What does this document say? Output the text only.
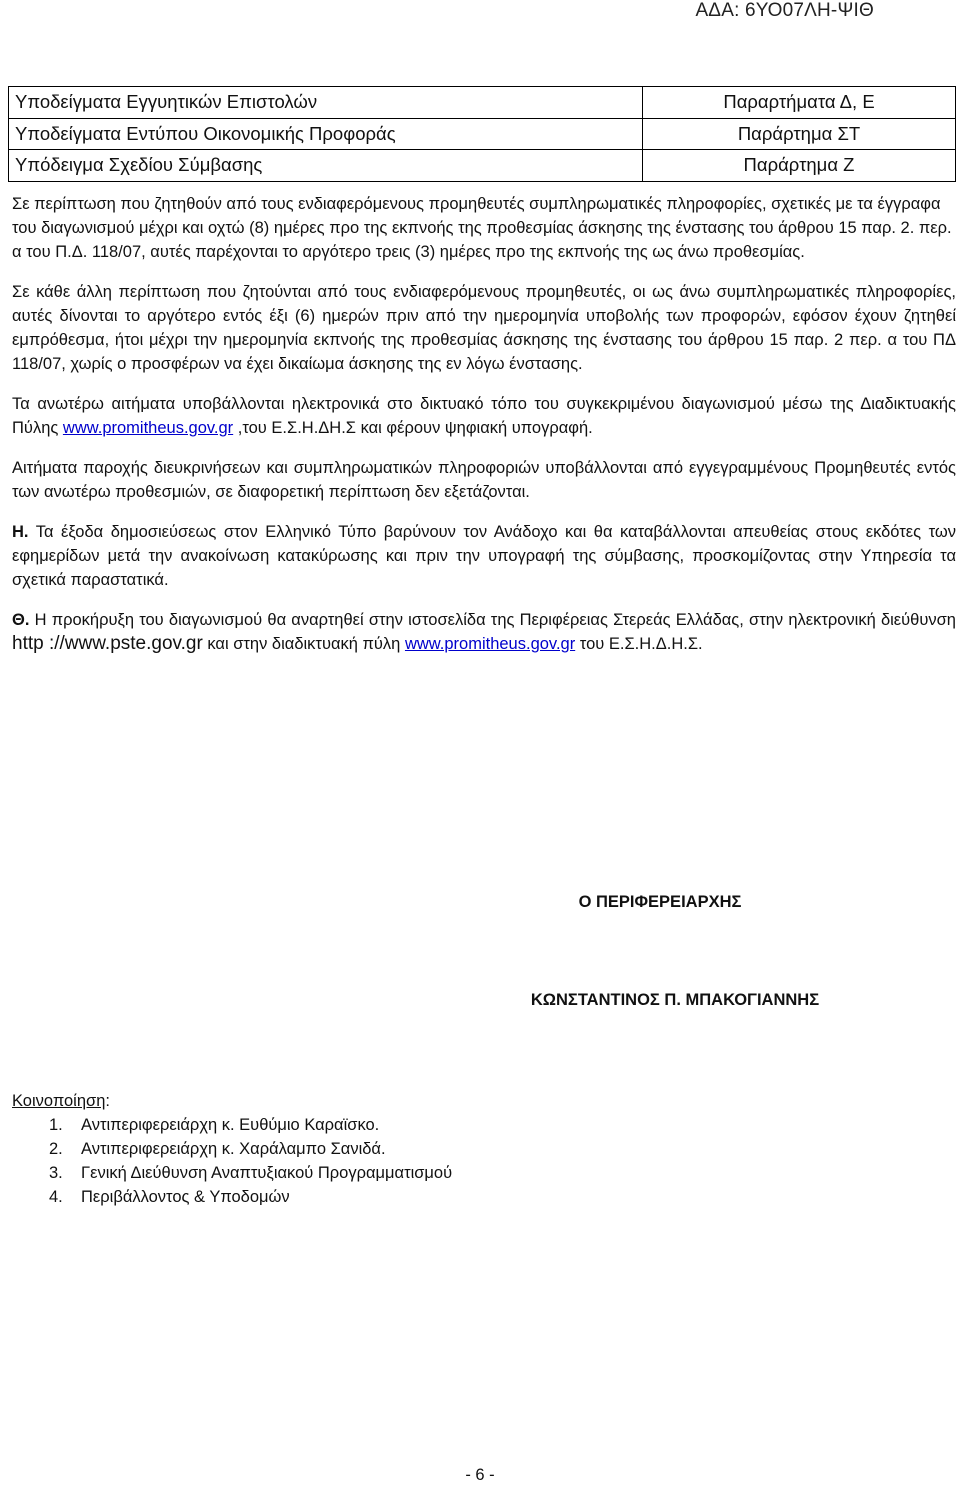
ΑΔΑ: 6ΥΟ07ΛΗ-ΨΙΘ
Υποδείγματα Εγγυητικών Επιστολών	Παραρτήματα Δ, Ε
Υποδείγματα Εντύπου Οικονομικής Προφοράς	Παράρτημα ΣΤ
Υπόδειγμα Σχεδίου Σύμβασης	Παράρτημα Ζ

Σε περίπτωση που ζητηθούν από τους ενδιαφερόμενους προμηθευτές συμπληρωματικές πληροφορίες, σχετικές με τα έγγραφα του διαγωνισμού μέχρι και οχτώ (8) ημέρες προ της εκπνοής της προθεσμίας άσκησης της ένστασης του άρθρου 15 παρ. 2. περ. α του Π.Δ. 118/07, αυτές παρέχονται το αργότερο τρεις (3) ημέρες προ της εκπνοής της ως άνω προθεσμίας.

Σε κάθε άλλη περίπτωση που ζητούνται από τους ενδιαφερόμενους προμηθευτές, οι ως άνω συμπληρωματικές πληροφορίες, αυτές δίνονται το αργότερο εντός έξι (6) ημερών πριν από την ημερομηνία υποβολής των προφορών, εφόσον έχουν ζητηθεί εμπρόθεσμα, ήτοι μέχρι την ημερομηνία εκπνοής της προθεσμίας άσκησης της ένστασης του άρθρου 15 παρ. 2 περ. α του ΠΔ 118/07, χωρίς ο προσφέρων να έχει δικαίωμα άσκησης της εν λόγω ένστασης.

Τα ανωτέρω αιτήματα υποβάλλονται ηλεκτρονικά στο δικτυακό τόπο του συγκεκριμένου διαγωνισμού μέσω της Διαδικτυακής Πύλης www.promitheus.gov.gr ,του Ε.Σ.Η.ΔΗ.Σ και φέρουν ψηφιακή υπογραφή.

Αιτήματα παροχής διευκρινήσεων και συμπληρωματικών πληροφοριών υποβάλλονται από εγγεγραμμένους Προμηθευτές εντός των ανωτέρω προθεσμιών, σε διαφορετική περίπτωση δεν εξετάζονται.

Η. Τα έξοδα δημοσιεύσεως στον Ελληνικό Τύπο βαρύνουν τον Ανάδοχο και θα καταβάλλονται απευθείας στους εκδότες των εφημερίδων μετά την ανακοίνωση κατακύρωσης και πριν την υπογραφή της σύμβασης, προσκομίζοντας στην Υπηρεσία τα σχετικά παραστατικά.

Θ. Η προκήρυξη του διαγωνισμού θα αναρτηθεί στην ιστοσελίδα της Περιφέρειας Στερεάς Ελλάδας, στην ηλεκτρονική διεύθυνση http ://www.pste.gov.gr και στην διαδικτυακή πύλη www.promitheus.gov.gr του Ε.Σ.Η.Δ.Η.Σ.

Ο ΠΕΡΙΦΕΡΕΙΑΡΧΗΣ
ΚΩΝΣΤΑΝΤΙΝΟΣ Π. ΜΠΑΚΟΓΙΑΝΝΗΣ
Κοινοποίηση:
1. Αντιπεριφερειάρχη κ. Ευθύμιο Καραϊσκο.
2. Αντιπεριφερειάρχη κ. Χαράλαμπο Σανιδά.
3. Γενική Διεύθυνση Αναπτυξιακού Προγραμματισμού
4. Περιβάλλοντος & Υποδομών
- 6 -
